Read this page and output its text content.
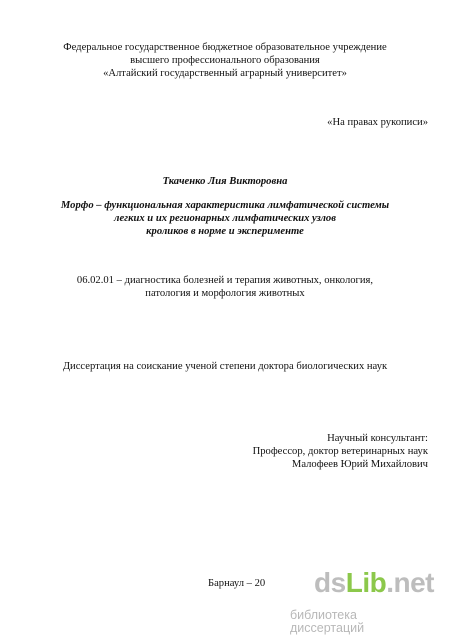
Федеральное государственное бюджетное образовательное учреждение
высшего профессионального образования
«Алтайский государственный аграрный университет»
«На правах рукописи»
Ткаченко Лия Викторовна
Морфо – функциональная характеристика лимфатической системы
легких и их регионарных лимфатических узлов
кроликов в норме и эксперименте
06.02.01 – диагностика болезней и терапия животных, онкология,
патология и морфология животных
Диссертация на соискание ученой степени доктора биологических наук
Научный консультант:
Профессор, доктор ветеринарных наук
Малофеев Юрий Михайлович
Барнаул – 20 dsLib.net
библиотека диссертаций
